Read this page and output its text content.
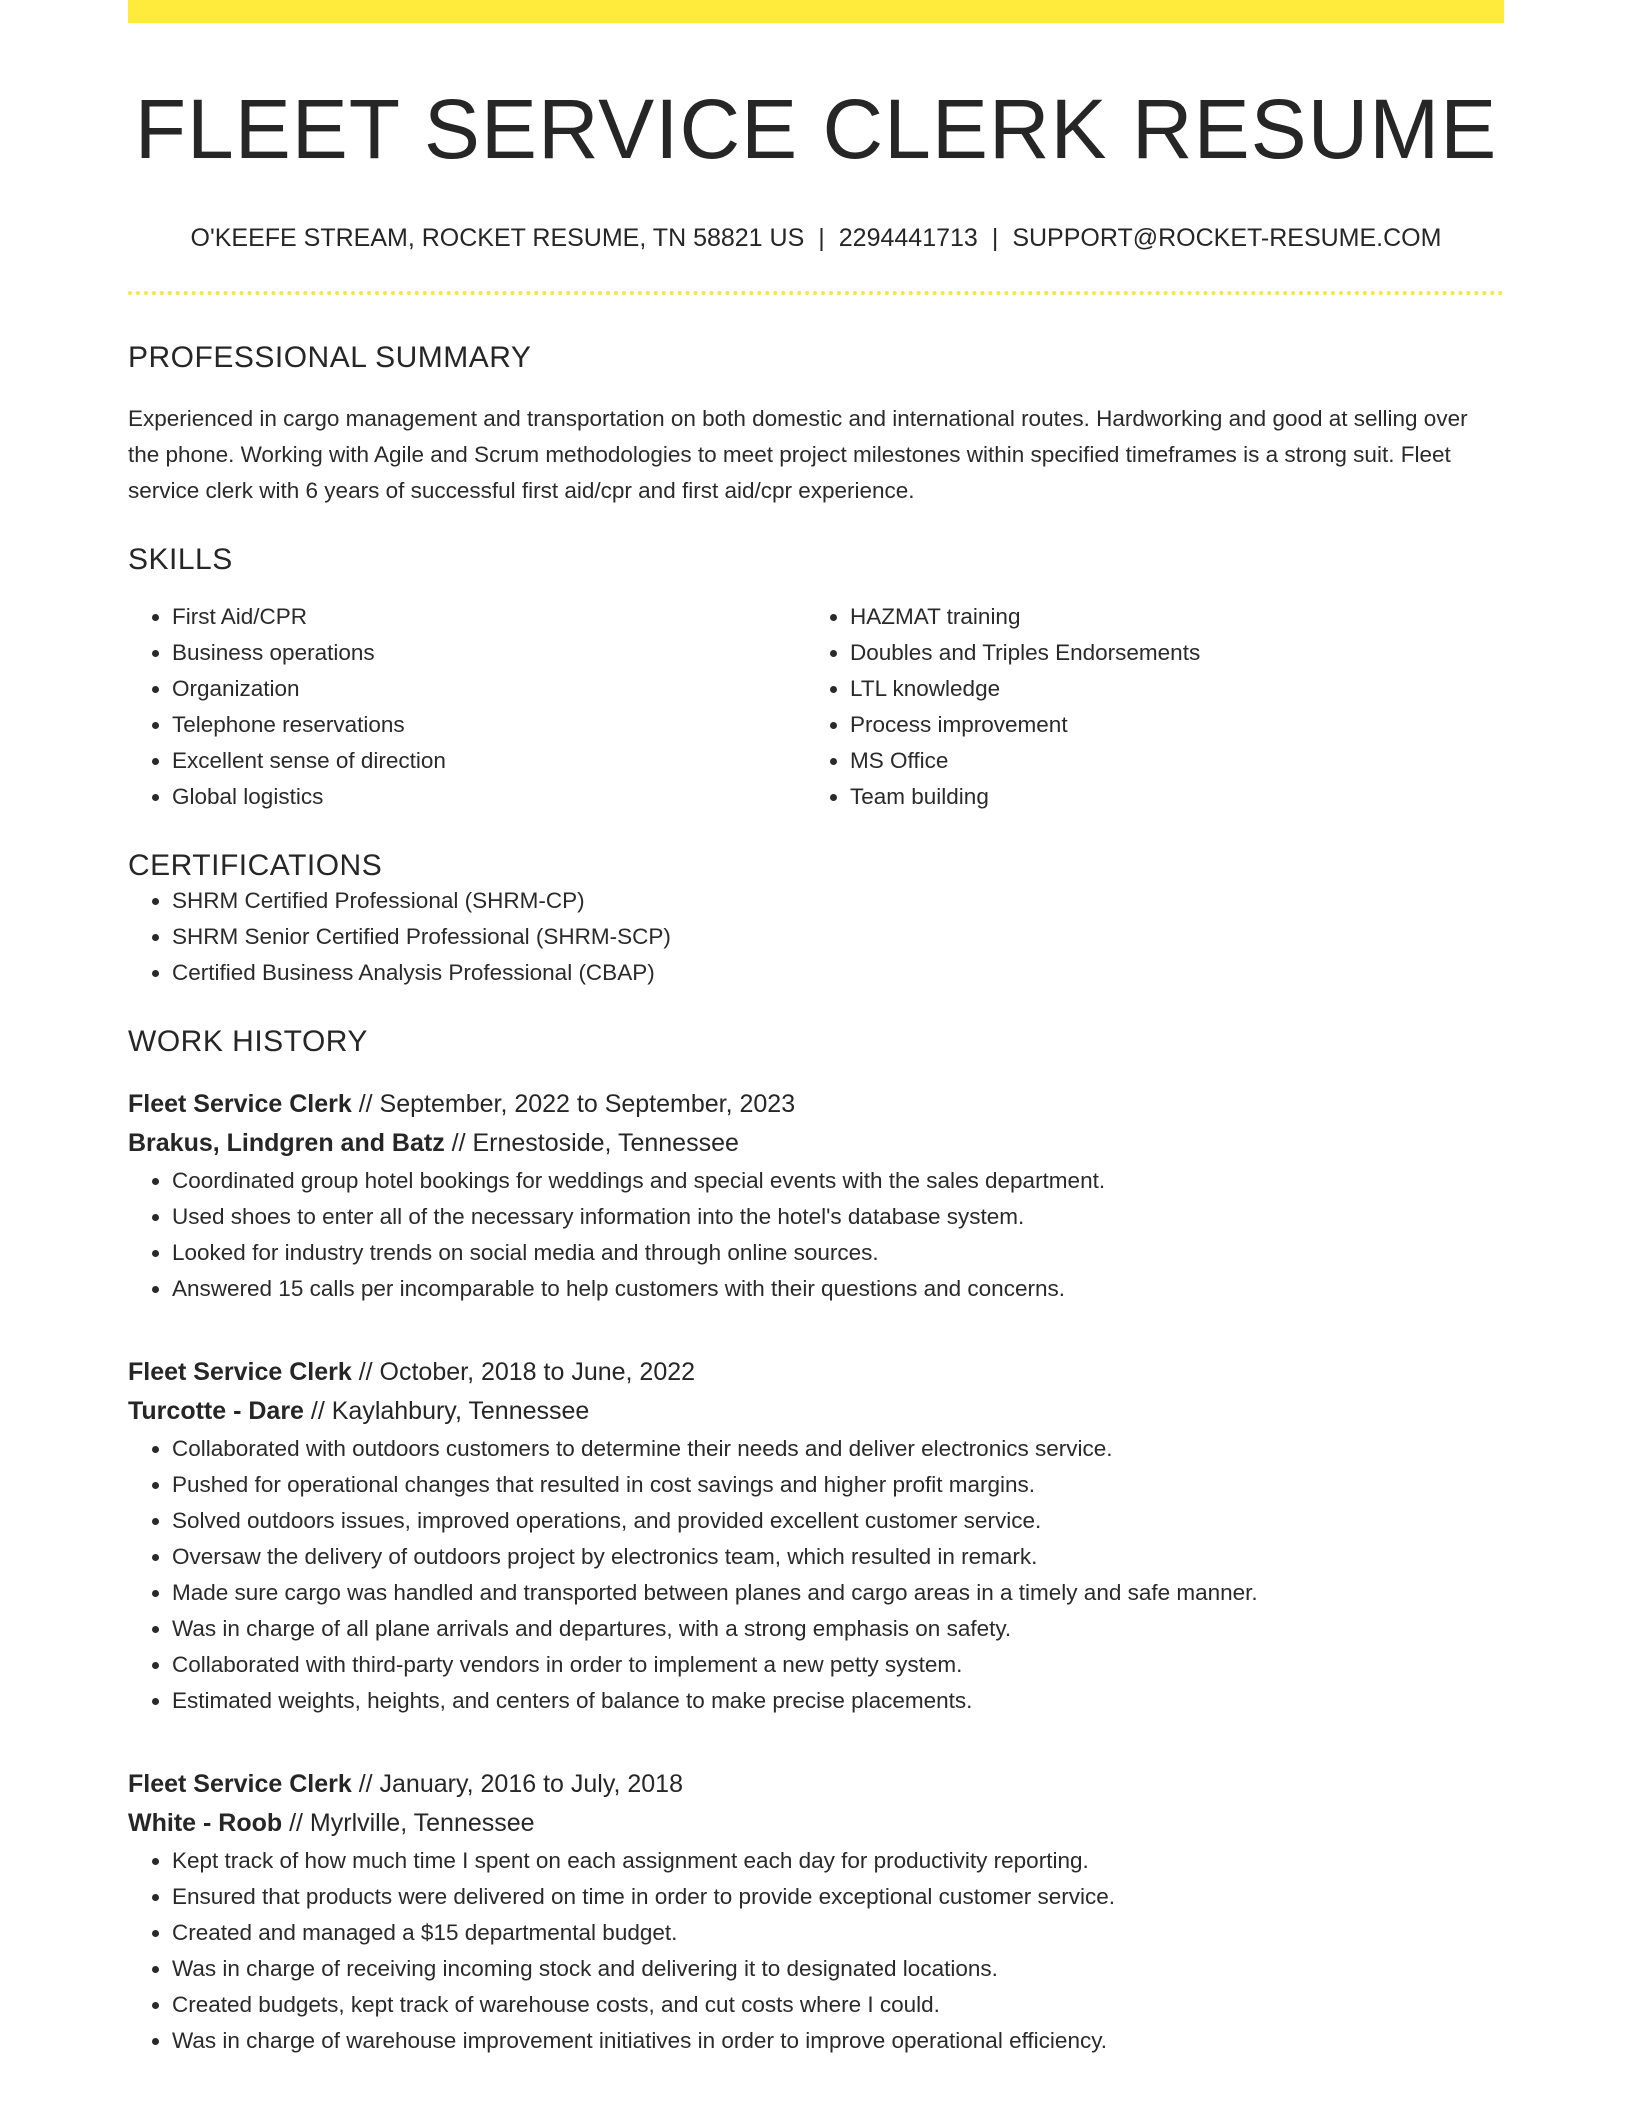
FLEET SERVICE CLERK RESUME
O'KEEFE STREAM, ROCKET RESUME, TN 58821 US | 2294441713 | SUPPORT@ROCKET-RESUME.COM
PROFESSIONAL SUMMARY
Experienced in cargo management and transportation on both domestic and international routes. Hardworking and good at selling over the phone. Working with Agile and Scrum methodologies to meet project milestones within specified timeframes is a strong suit. Fleet service clerk with 6 years of successful first aid/cpr and first aid/cpr experience.
SKILLS
• First Aid/CPR
• Business operations
• Organization
• Telephone reservations
• Excellent sense of direction
• Global logistics
• HAZMAT training
• Doubles and Triples Endorsements
• LTL knowledge
• Process improvement
• MS Office
• Team building
CERTIFICATIONS
• SHRM Certified Professional (SHRM-CP)
• SHRM Senior Certified Professional (SHRM-SCP)
• Certified Business Analysis Professional (CBAP)
WORK HISTORY
Fleet Service Clerk // September, 2022 to September, 2023
Brakus, Lindgren and Batz // Ernestoside, Tennessee
• Coordinated group hotel bookings for weddings and special events with the sales department.
• Used shoes to enter all of the necessary information into the hotel's database system.
• Looked for industry trends on social media and through online sources.
• Answered 15 calls per incomparable to help customers with their questions and concerns.
Fleet Service Clerk // October, 2018 to June, 2022
Turcotte - Dare // Kaylahbury, Tennessee
• Collaborated with outdoors customers to determine their needs and deliver electronics service.
• Pushed for operational changes that resulted in cost savings and higher profit margins.
• Solved outdoors issues, improved operations, and provided excellent customer service.
• Oversaw the delivery of outdoors project by electronics team, which resulted in remark.
• Made sure cargo was handled and transported between planes and cargo areas in a timely and safe manner.
• Was in charge of all plane arrivals and departures, with a strong emphasis on safety.
• Collaborated with third-party vendors in order to implement a new petty system.
• Estimated weights, heights, and centers of balance to make precise placements.
Fleet Service Clerk // January, 2016 to July, 2018
White - Roob // Myrlville, Tennessee
• Kept track of how much time I spent on each assignment each day for productivity reporting.
• Ensured that products were delivered on time in order to provide exceptional customer service.
• Created and managed a $15 departmental budget.
• Was in charge of receiving incoming stock and delivering it to designated locations.
• Created budgets, kept track of warehouse costs, and cut costs where I could.
• Was in charge of warehouse improvement initiatives in order to improve operational efficiency.
